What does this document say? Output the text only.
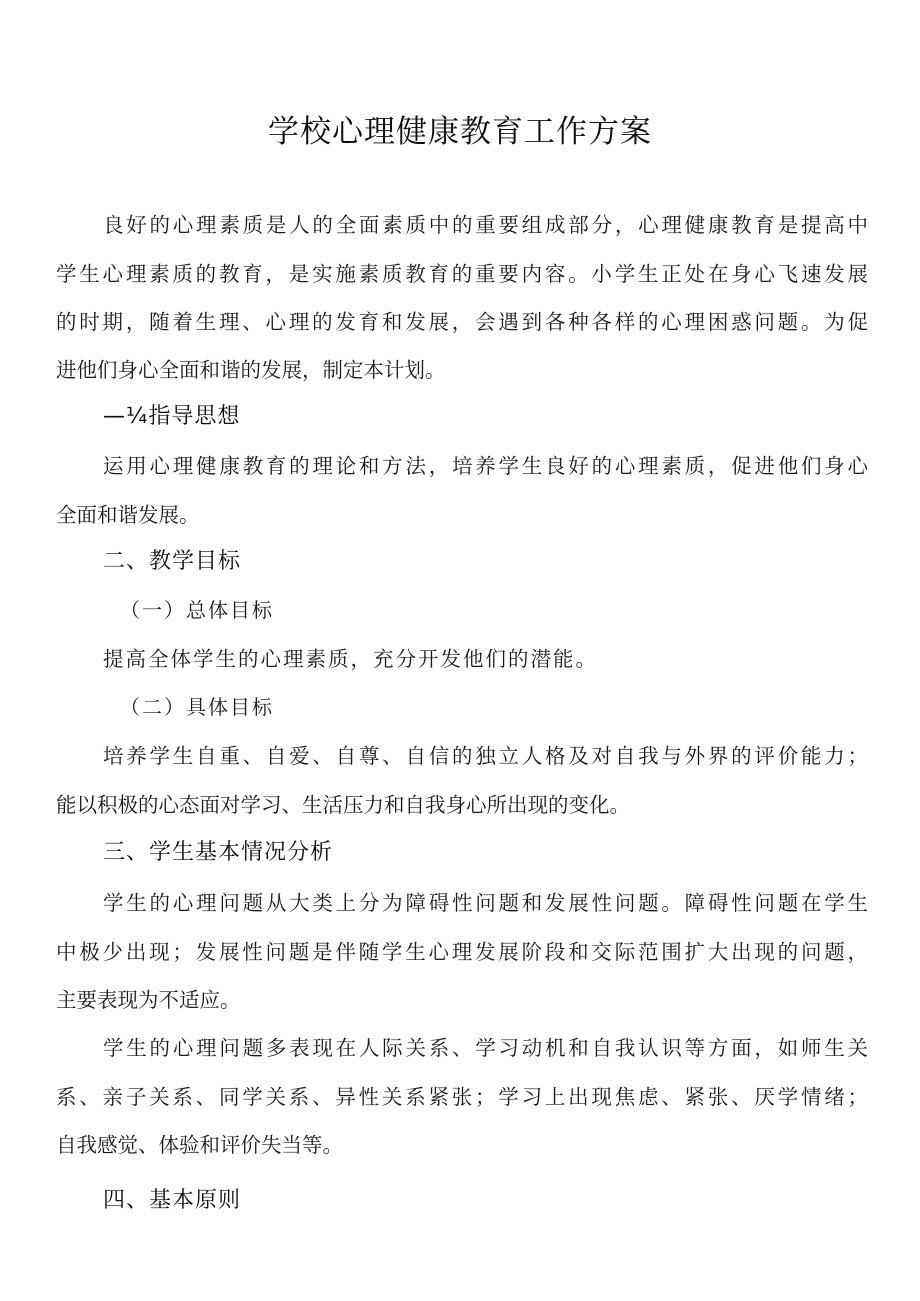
学校心理健康教育工作方案
良好的心理素质是人的全面素质中的重要组成部分，心理健康教育是提高中
学生心理素质的教育，是实施素质教育的重要内容。小学生正处在身心飞速发展
的时期，随着生理、心理的发育和发展，会遇到各种各样的心理困惑问题。为促
进他们身心全面和谐的发展，制定本计划。
—¼指导思想
运用心理健康教育的理论和方法，培养学生良好的心理素质，促进他们身心
全面和谐发展。
二、教学目标
（一）总体目标
提高全体学生的心理素质，充分开发他们的潜能。
（二）具体目标
培养学生自重、自爱、自尊、自信的独立人格及对自我与外界的评价能力；
能以积极的心态面对学习、生活压力和自我身心所出现的变化。
三、学生基本情况分析
学生的心理问题从大类上分为障碍性问题和发展性问题。障碍性问题在学生
中极少出现；发展性问题是伴随学生心理发展阶段和交际范围扩大出现的问题，
主要表现为不适应。
学生的心理问题多表现在人际关系、学习动机和自我认识等方面，如师生关
系、亲子关系、同学关系、异性关系紧张；学习上出现焦虑、紧张、厌学情绪；
自我感觉、体验和评价失当等。
四、基本原则
